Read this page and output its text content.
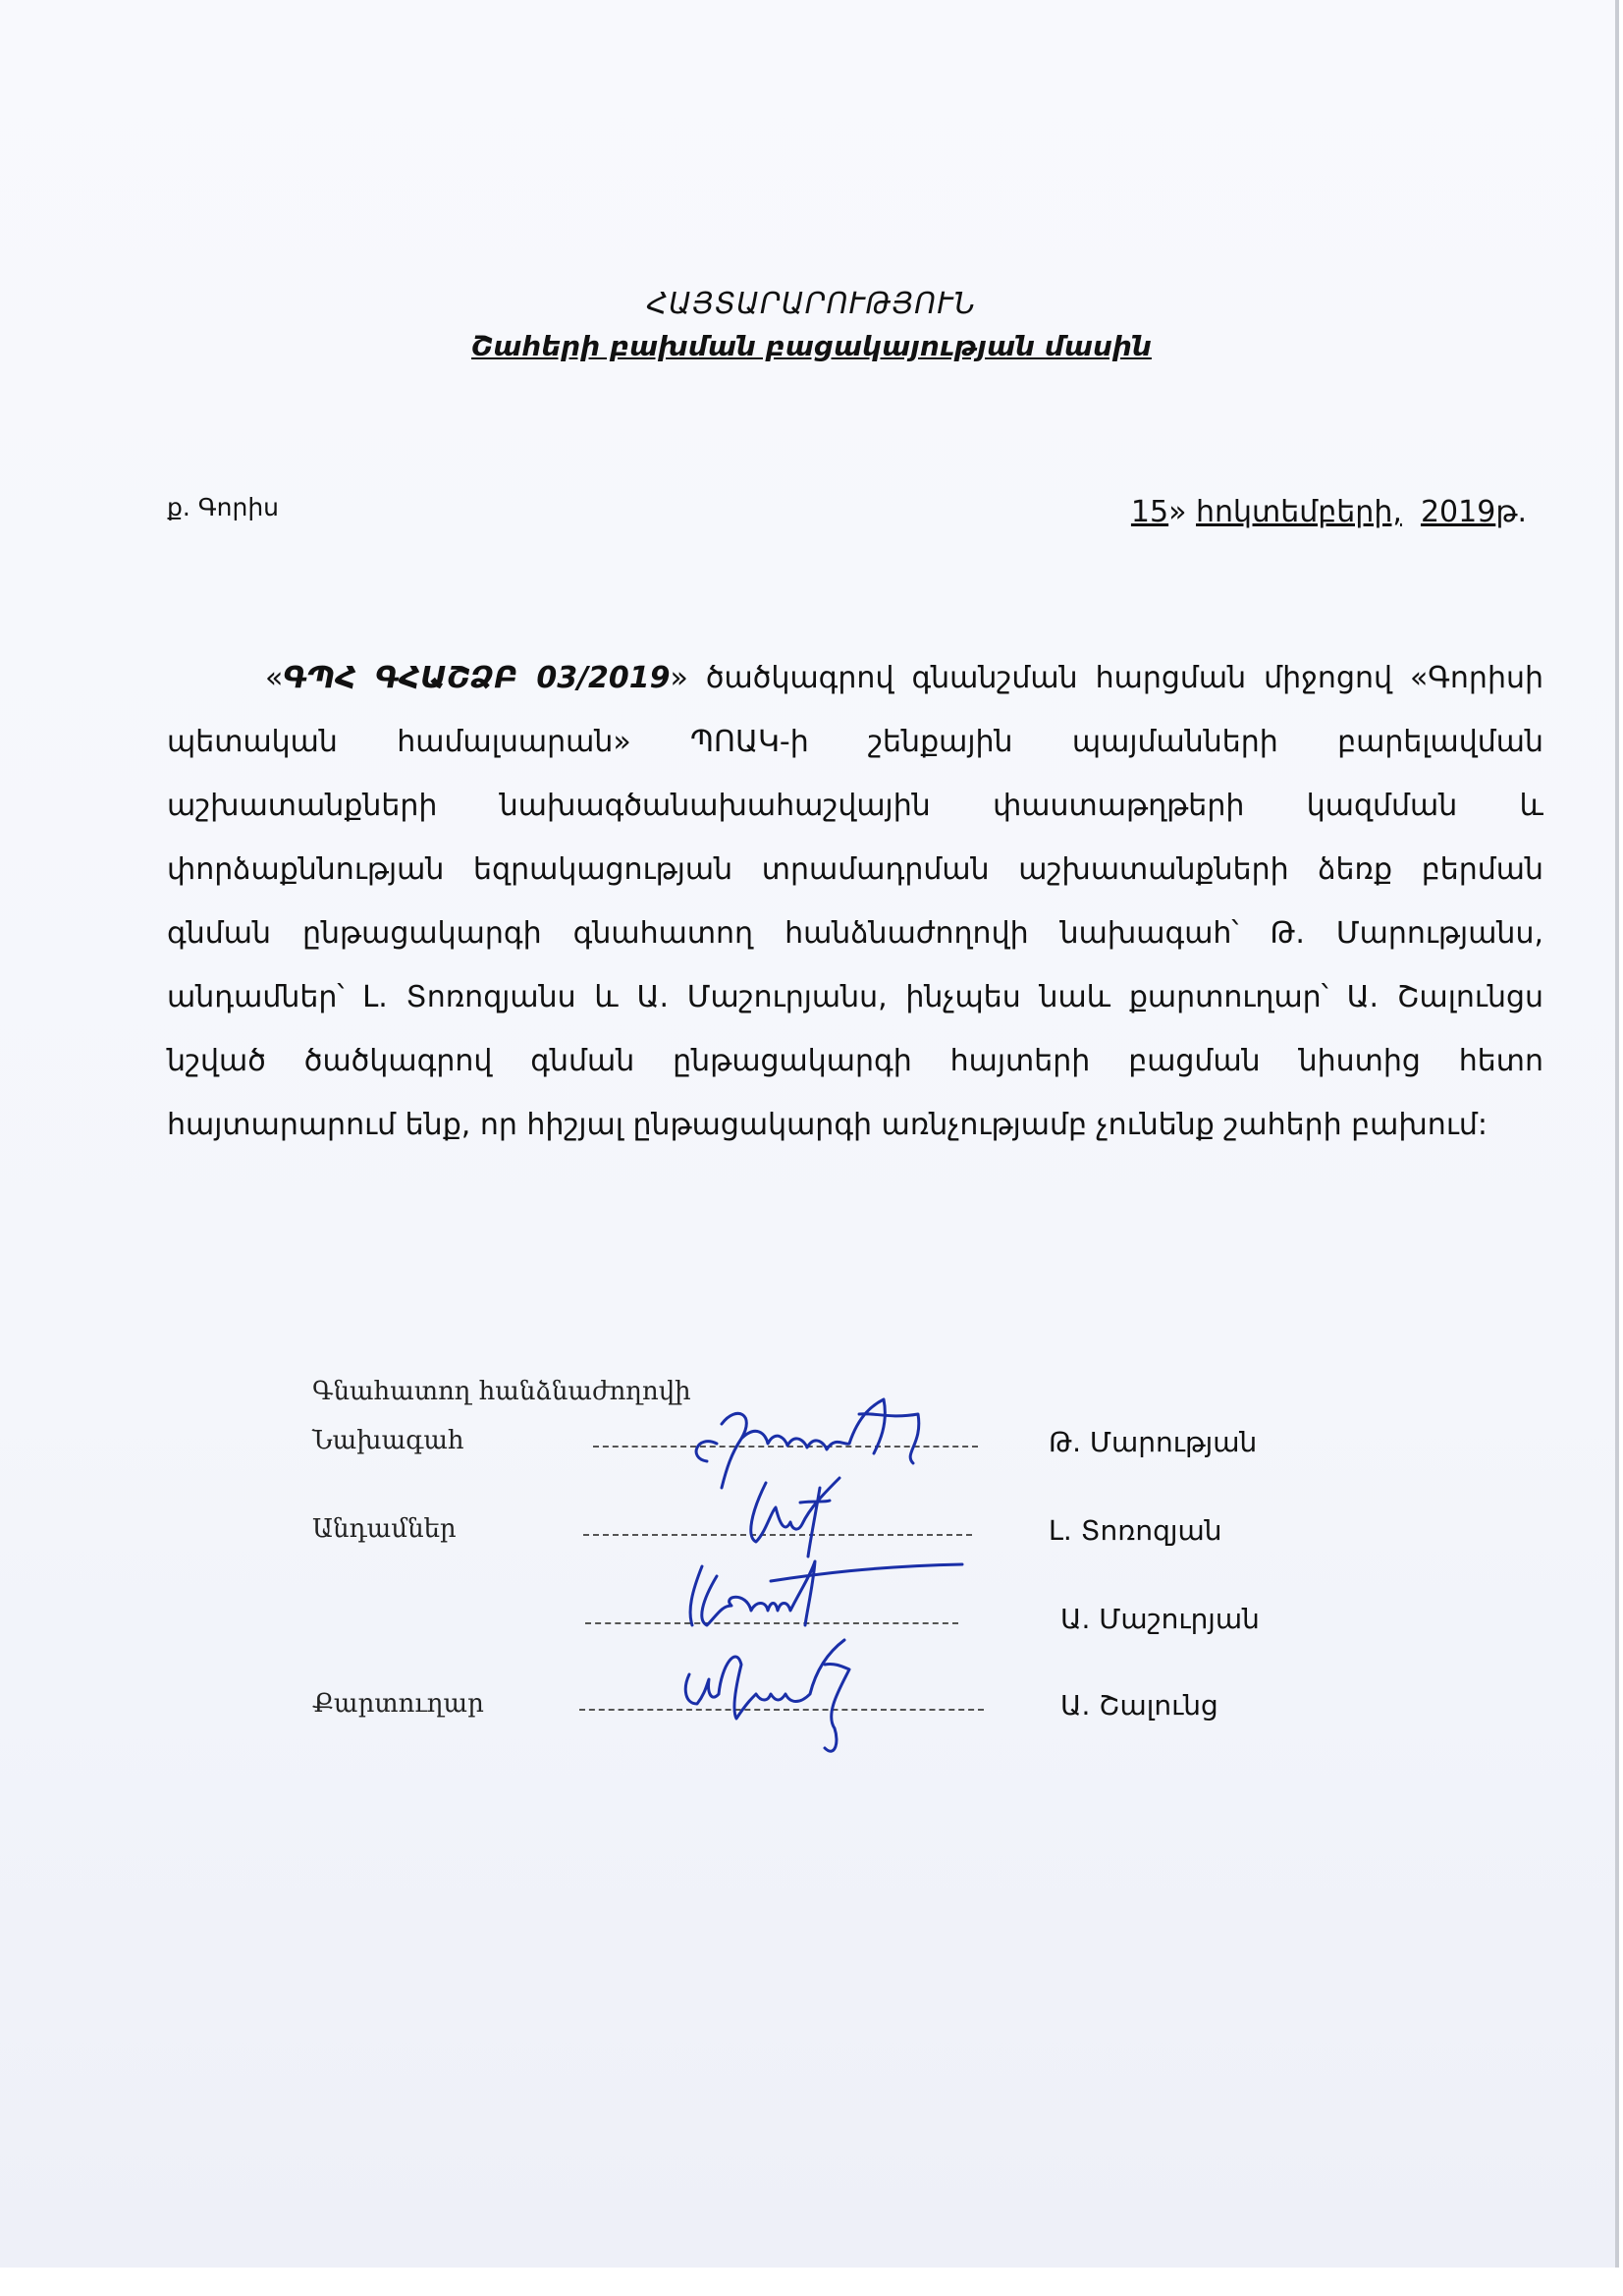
ՀԱՅՏԱՐԱՐՈՒԹՅՈՒՆ
Շահերի բախման բացակայության մասին
ք. Գորիս	15» հոկտեմբերի, 2019թ.

«ԳՊՀ ԳՀԱՇՁԲ 03/2019» ծածկագրով գնանշման հարցման միջոցով «Գորիսի պետական համալսարան» ՊՈԱԿ-ի շենքային պայմանների բարելավման աշխատանքների նախագծանախահաշվային փաստաթղթերի կազմման և փորձաքննության եզրակացության տրամադրման աշխատանքների ձեռք բերման գնման ընթացակարգի գնահատող հանձնաժողովի նախագահ՝ Թ. Մարությանս, անդամներ՝ Լ. Տոռոզյանս և Ա. Մաշուրյանս, ինչպես նաև քարտուղար՝ Ա. Շալունցս նշված ծածկագրով գնման ընթացակարգի հայտերի բացման նիստից հետո հայտարարում ենք, որ հիշյալ ընթացակարգի առնչությամբ չունենք շահերի բախում:

Գնահատող հանձնաժողովի
Նախագահ	Թ. Մարության
Անդամներ	Լ. Տոռոզյան
Ա. Մաշուրյան
Քարտուղար	Ա. Շալունց
